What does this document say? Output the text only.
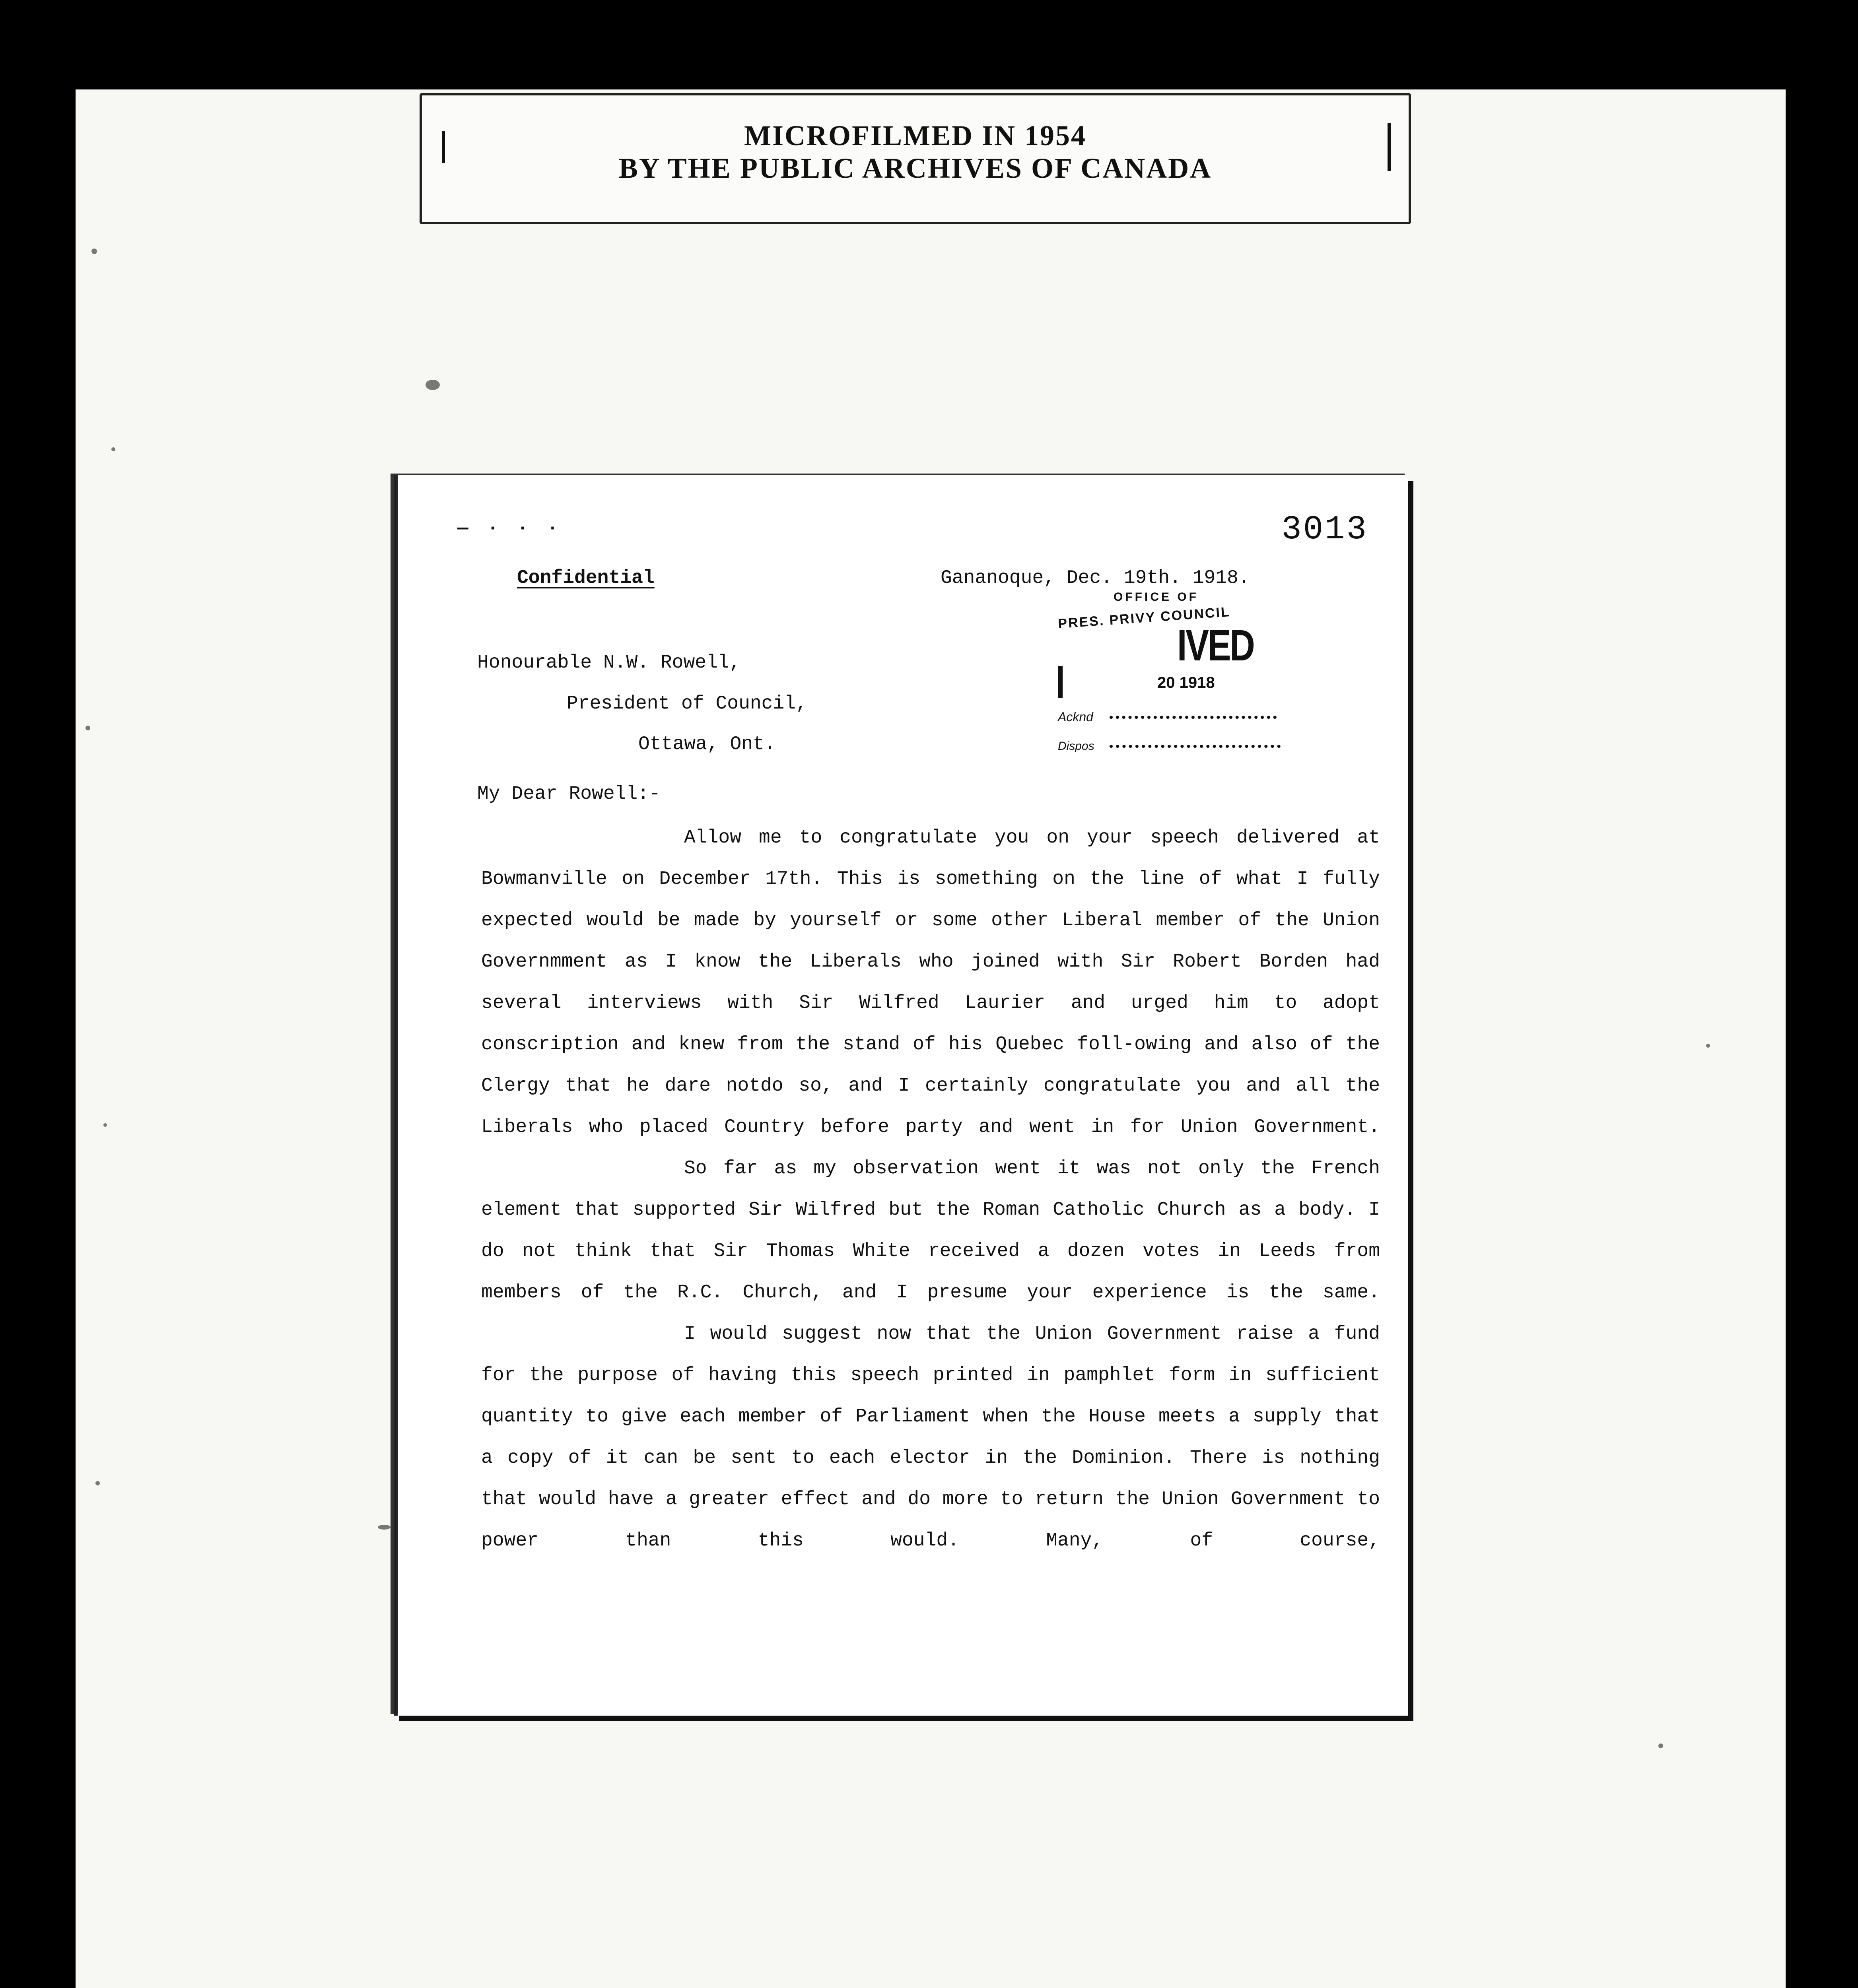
MICROFILMED IN 1954
BY THE PUBLIC ARCHIVES OF CANADA
— · · ·	3013
Confidential	Gananoque, Dec. 19th. 1918.
OFFICE OF
PRES. PRIVY COUNCIL
IVED
20 1918
Acknd
Dispos
Honourable N.W. Rowell,
President of Council,
Ottawa, Ont.
My Dear Rowell:-

Allow me to congratulate you on your speech delivered at Bowmanville on December 17th. This is something on the line of what I fully expected would be made by yourself or some other Liberal member of the Union Governmment as I know the Liberals who joined with Sir Robert Borden had several interviews with Sir Wilfred Laurier and urged him to adopt conscription and knew from the stand of his Quebec foll-owing and also of the Clergy that he dare notdo so, and I certainly congratulate you and all the Liberals who placed Country before party and went in for Union Government.

So far as my observation went it was not only the French element that supported Sir Wilfred but the Roman Catholic Church as a body. I do not think that Sir Thomas White received a dozen votes in Leeds from members of the R.C. Church, and I presume your experience is the same.

I would suggest now that the Union Government raise a fund for the purpose of having this speech printed in pamphlet form in sufficient quantity to give each member of Parliament when the House meets a supply that a copy of it can be sent to each elector in the Dominion. There is nothing that would have a greater effect and do more to return the Union Government to power than this would. Many, of course,
